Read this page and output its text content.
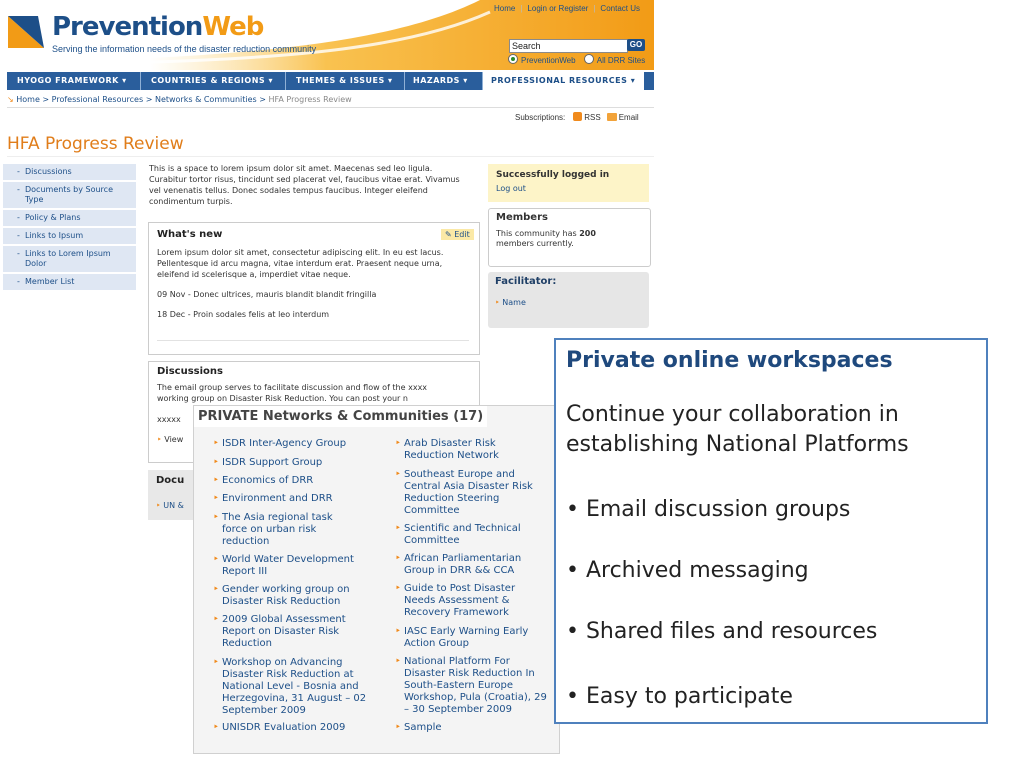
PreventionWeb
Serving the information needs of the disaster reduction community
Home | Login or Register | Contact Us
Search	GO
PreventionWeb	All DRR Sites
HYOGO FRAMEWORK ▾	COUNTRIES & REGIONS ▾	THEMES & ISSUES ▾	HAZARDS ▾	PROFESSIONAL RESOURCES ▾
↘ Home > Professional Resources > Networks & Communities > HFA Progress Review
Subscriptions: RSS Email
HFA Progress Review
- Discussions
- Documents by Source Type
- Policy & Plans
- Links to Ipsum
- Links to Lorem Ipsum Dolor
- Member List
This is a space to lorem ipsum dolor sit amet. Maecenas sed leo ligula. Curabitur tortor risus, tincidunt sed placerat vel, faucibus vitae erat. Vivamus vel venenatis tellus. Donec sodales tempus faucibus. Integer eleifend condimentum turpis.
What's new
Lorem ipsum dolor sit amet, consectetur adipiscing elit. In eu est lacus. Pellentesque id arcu magna, vitae interdum erat. Praesent neque urna, eleifend id scelerisque a, imperdiet vitae neque.
09 Nov - Donec ultrices, mauris blandit blandit fringilla
18 Dec - Proin sodales felis at leo interdum
✎ Edit
Discussions
The email group serves to facilitate discussion and flow of the xxxx working group on Disaster Risk Reduction. You can post your n
xxxxx
‣ View
Docu
‣ UN &
Successfully logged in
Log out
Members
This community has 200 members currently.
Facilitator:
‣ Name
PRIVATE Networks & Communities (17)
‣ ISDR Inter-Agency Group
‣ ISDR Support Group
‣ Economics of DRR
‣ Environment and DRR
‣ The Asia regional task force on urban risk reduction
‣ World Water Development Report III
‣ Gender working group on Disaster Risk Reduction
‣ 2009 Global Assessment Report on Disaster Risk Reduction
‣ Workshop on Advancing Disaster Risk Reduction at National Level - Bosnia and Herzegovina, 31 August – 02 September 2009
‣ UNISDR Evaluation 2009
‣ Arab Disaster Risk Reduction Network
‣ Southeast Europe and Central Asia Disaster Risk Reduction Steering Committee
‣ Scientific and Technical Committee
‣ African Parliamentarian Group in DRR && CCA
‣ Guide to Post Disaster Needs Assessment & Recovery Framework
‣ IASC Early Warning Early Action Group
‣ National Platform For Disaster Risk Reduction In South-Eastern Europe Workshop, Pula (Croatia), 29 – 30 September 2009
‣ Sample
Private online workspaces
Continue your collaboration in establishing National Platforms
• Email discussion groups
• Archived messaging
• Shared files and resources
• Easy to participate
